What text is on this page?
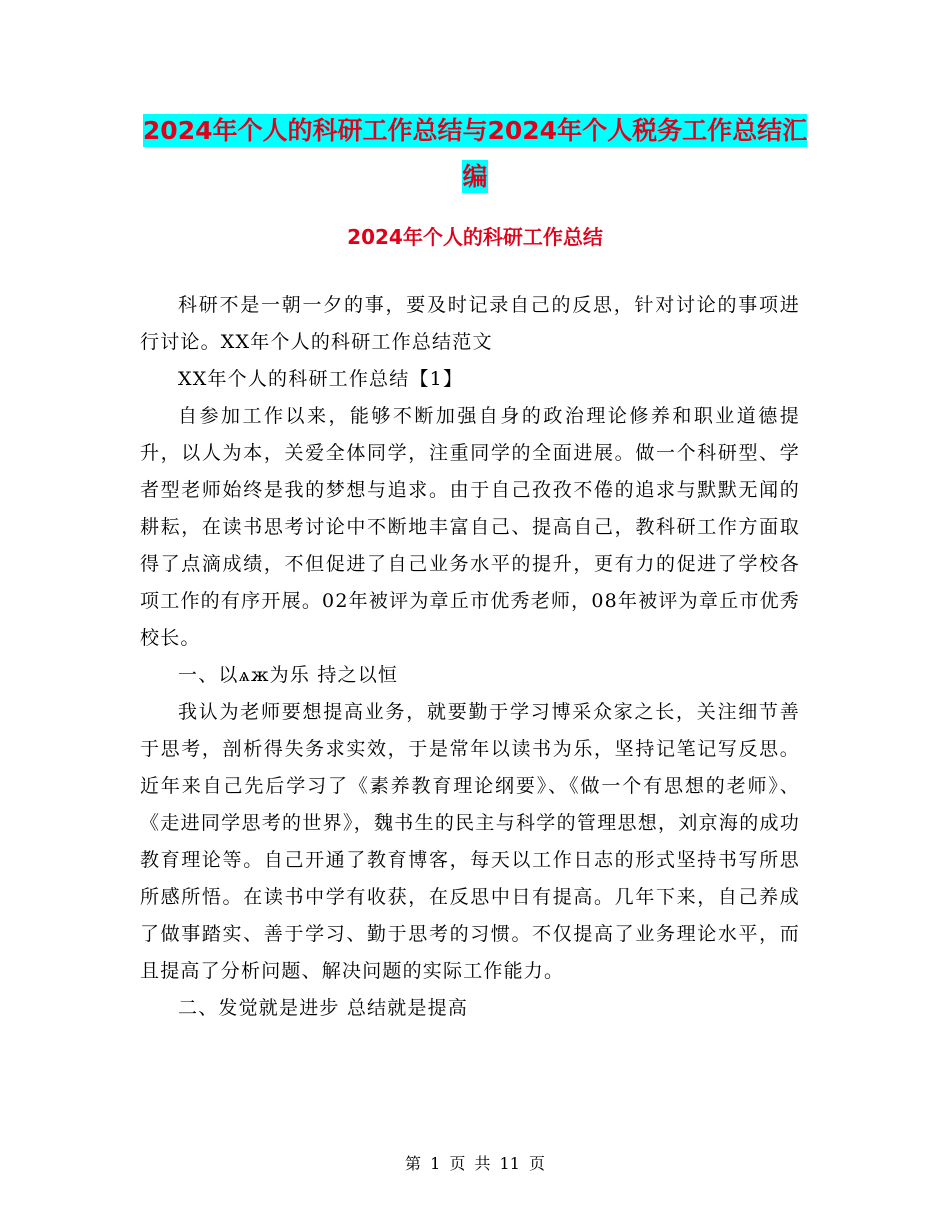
2024年个人的科研工作总结与2024年个人税务工作总结汇编
2024年个人的科研工作总结

科研不是一朝一夕的事，要及时记录自己的反思，针对讨论的事项进行讨论。XX年个人的科研工作总结范文

XX年个人的科研工作总结【1】

自参加工作以来，能够不断加强自身的政治理论修养和职业道德提升，以人为本，关爱全体同学，注重同学的全面进展。做一个科研型、学者型老师始终是我的梦想与追求。由于自己孜孜不倦的追求与默默无闻的耕耘，在读书思考讨论中不断地丰富自己、提高自己，教科研工作方面取得了点滴成绩，不但促进了自己业务水平的提升，更有力的促进了学校各项工作的有序开展。02年被评为章丘市优秀老师，08年被评为章丘市优秀校长。

一、以ѧж为乐 持之以恒

我认为老师要想提高业务，就要勤于学习博采众家之长，关注细节善于思考，剖析得失务求实效，于是常年以读书为乐，坚持记笔记写反思。近年来自己先后学习了《素养教育理论纲要》、《做一个有思想的老师》、《走进同学思考的世界》，魏书生的民主与科学的管理思想，刘京海的成功教育理论等。自己开通了教育博客，每天以工作日志的形式坚持书写所思所感所悟。在读书中学有收获，在反思中日有提高。几年下来，自己养成了做事踏实、善于学习、勤于思考的习惯。不仅提高了业务理论水平，而且提高了分析问题、解决问题的实际工作能力。

二、发觉就是进步 总结就是提高

第 1 页 共 11 页
